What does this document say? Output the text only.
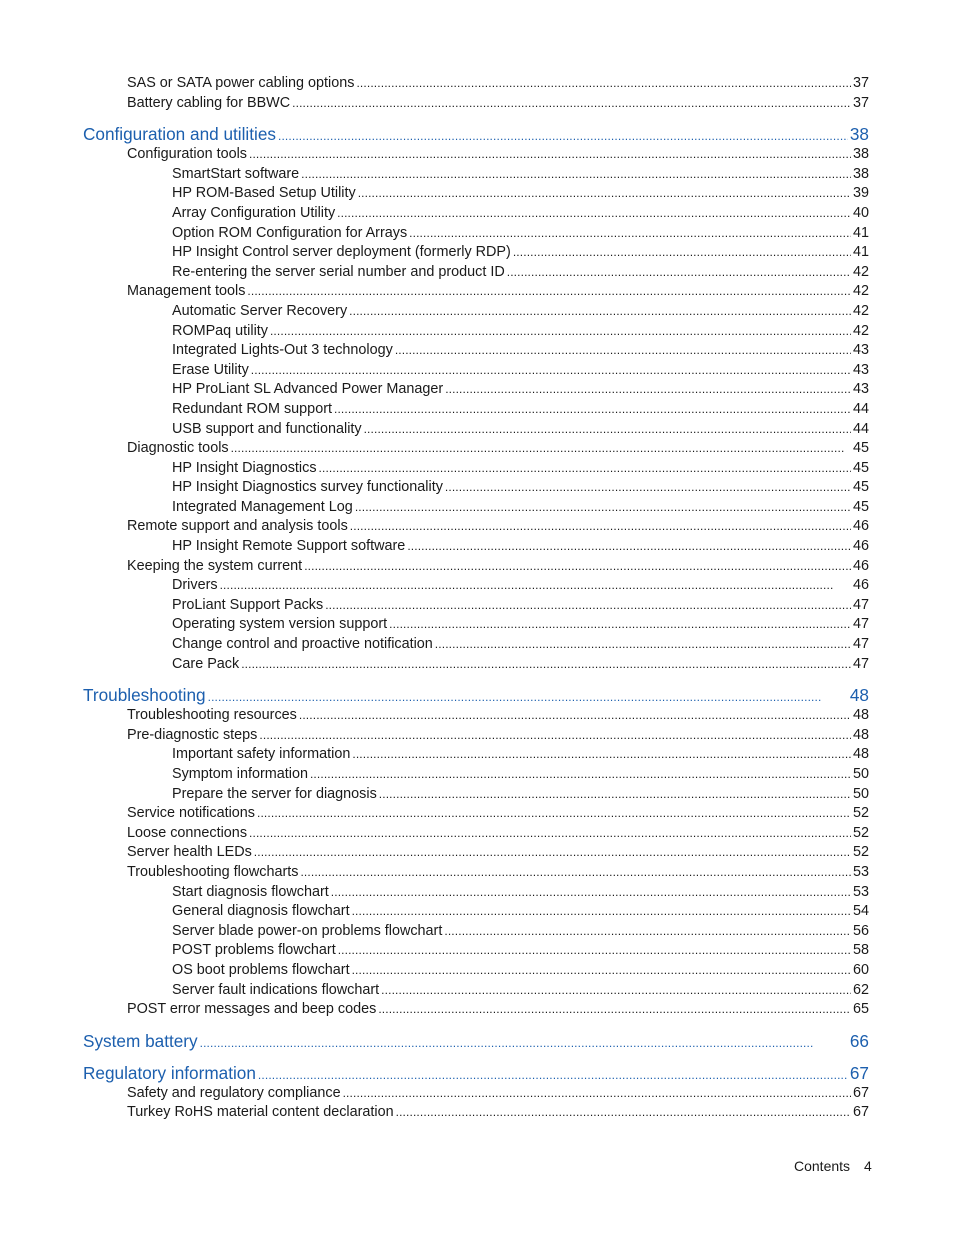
SAS or SATA power cabling options . . .	37
Battery cabling for BBWC . . .	37
Configuration and utilities . . .	38
Configuration tools . . .	38
SmartStart software . . .	38
HP ROM-Based Setup Utility . . .	39
Array Configuration Utility . . .	40
Option ROM Configuration for Arrays . . .	41
HP Insight Control server deployment (formerly RDP) . . .	41
Re-entering the server serial number and product ID . . .	42
Management tools . . .	42
Automatic Server Recovery . . .	42
ROMPaq utility . . .	42
Integrated Lights-Out 3 technology . . .	43
Erase Utility . . .	43
HP ProLiant SL Advanced Power Manager . . .	43
Redundant ROM support . . .	44
USB support and functionality . . .	44
Diagnostic tools . . .	45
HP Insight Diagnostics . . .	45
HP Insight Diagnostics survey functionality . . .	45
Integrated Management Log . . .	45
Remote support and analysis tools . . .	46
HP Insight Remote Support software . . .	46
Keeping the system current . . .	46
Drivers . . .	46
ProLiant Support Packs . . .	47
Operating system version support . . .	47
Change control and proactive notification . . .	47
Care Pack . . .	47
Troubleshooting . . .	48
Troubleshooting resources . . .	48
Pre-diagnostic steps . . .	48
Important safety information . . .	48
Symptom information . . .	50
Prepare the server for diagnosis . . .	50
Service notifications . . .	52
Loose connections . . .	52
Server health LEDs . . .	52
Troubleshooting flowcharts . . .	53
Start diagnosis flowchart . . .	53
General diagnosis flowchart . . .	54
Server blade power-on problems flowchart . . .	56
POST problems flowchart . . .	58
OS boot problems flowchart . . .	60
Server fault indications flowchart . . .	62
POST error messages and beep codes . . .	65
System battery . . .	66
Regulatory information . . .	67
Safety and regulatory compliance . . .	67
Turkey RoHS material content declaration . . .	67
Contents 4
